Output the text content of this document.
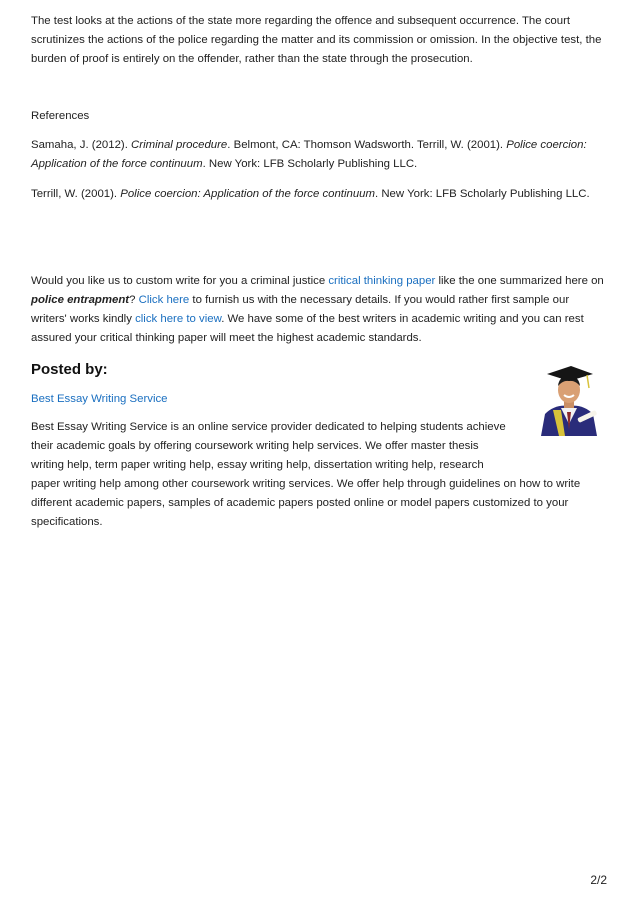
The test looks at the actions of the state more regarding the offence and subsequent occurrence. The court scrutinizes the actions of the police regarding the matter and its commission or omission. In the objective test, the burden of proof is entirely on the offender, rather than the state through the prosecution.

References

Samaha, J. (2012). Criminal procedure. Belmont, CA: Thomson Wadsworth. Terrill, W. (2001). Police coercion: Application of the force continuum. New York: LFB Scholarly Publishing LLC.

Terrill, W. (2001). Police coercion: Application of the force continuum. New York: LFB Scholarly Publishing LLC.

Would you like us to custom write for you a criminal justice critical thinking paper like the one summarized here on police entrapment? Click here to furnish us with the necessary details. If you would rather first sample our writers' works kindly click here to view. We have some of the best writers in academic writing and you can rest assured your critical thinking paper will meet the highest academic standards.

Posted by:
Best Essay Writing Service

Best Essay Writing Service is an online service provider dedicated to helping students achieve

their academic goals by offering coursework writing help services. We offer master thesis

writing help, term paper writing help, essay writing help, dissertation writing help, research

paper writing help among other coursework writing services. We offer help through guidelines on how to write different academic papers, samples of academic papers posted online or model papers customized to your specifications.

2/2
